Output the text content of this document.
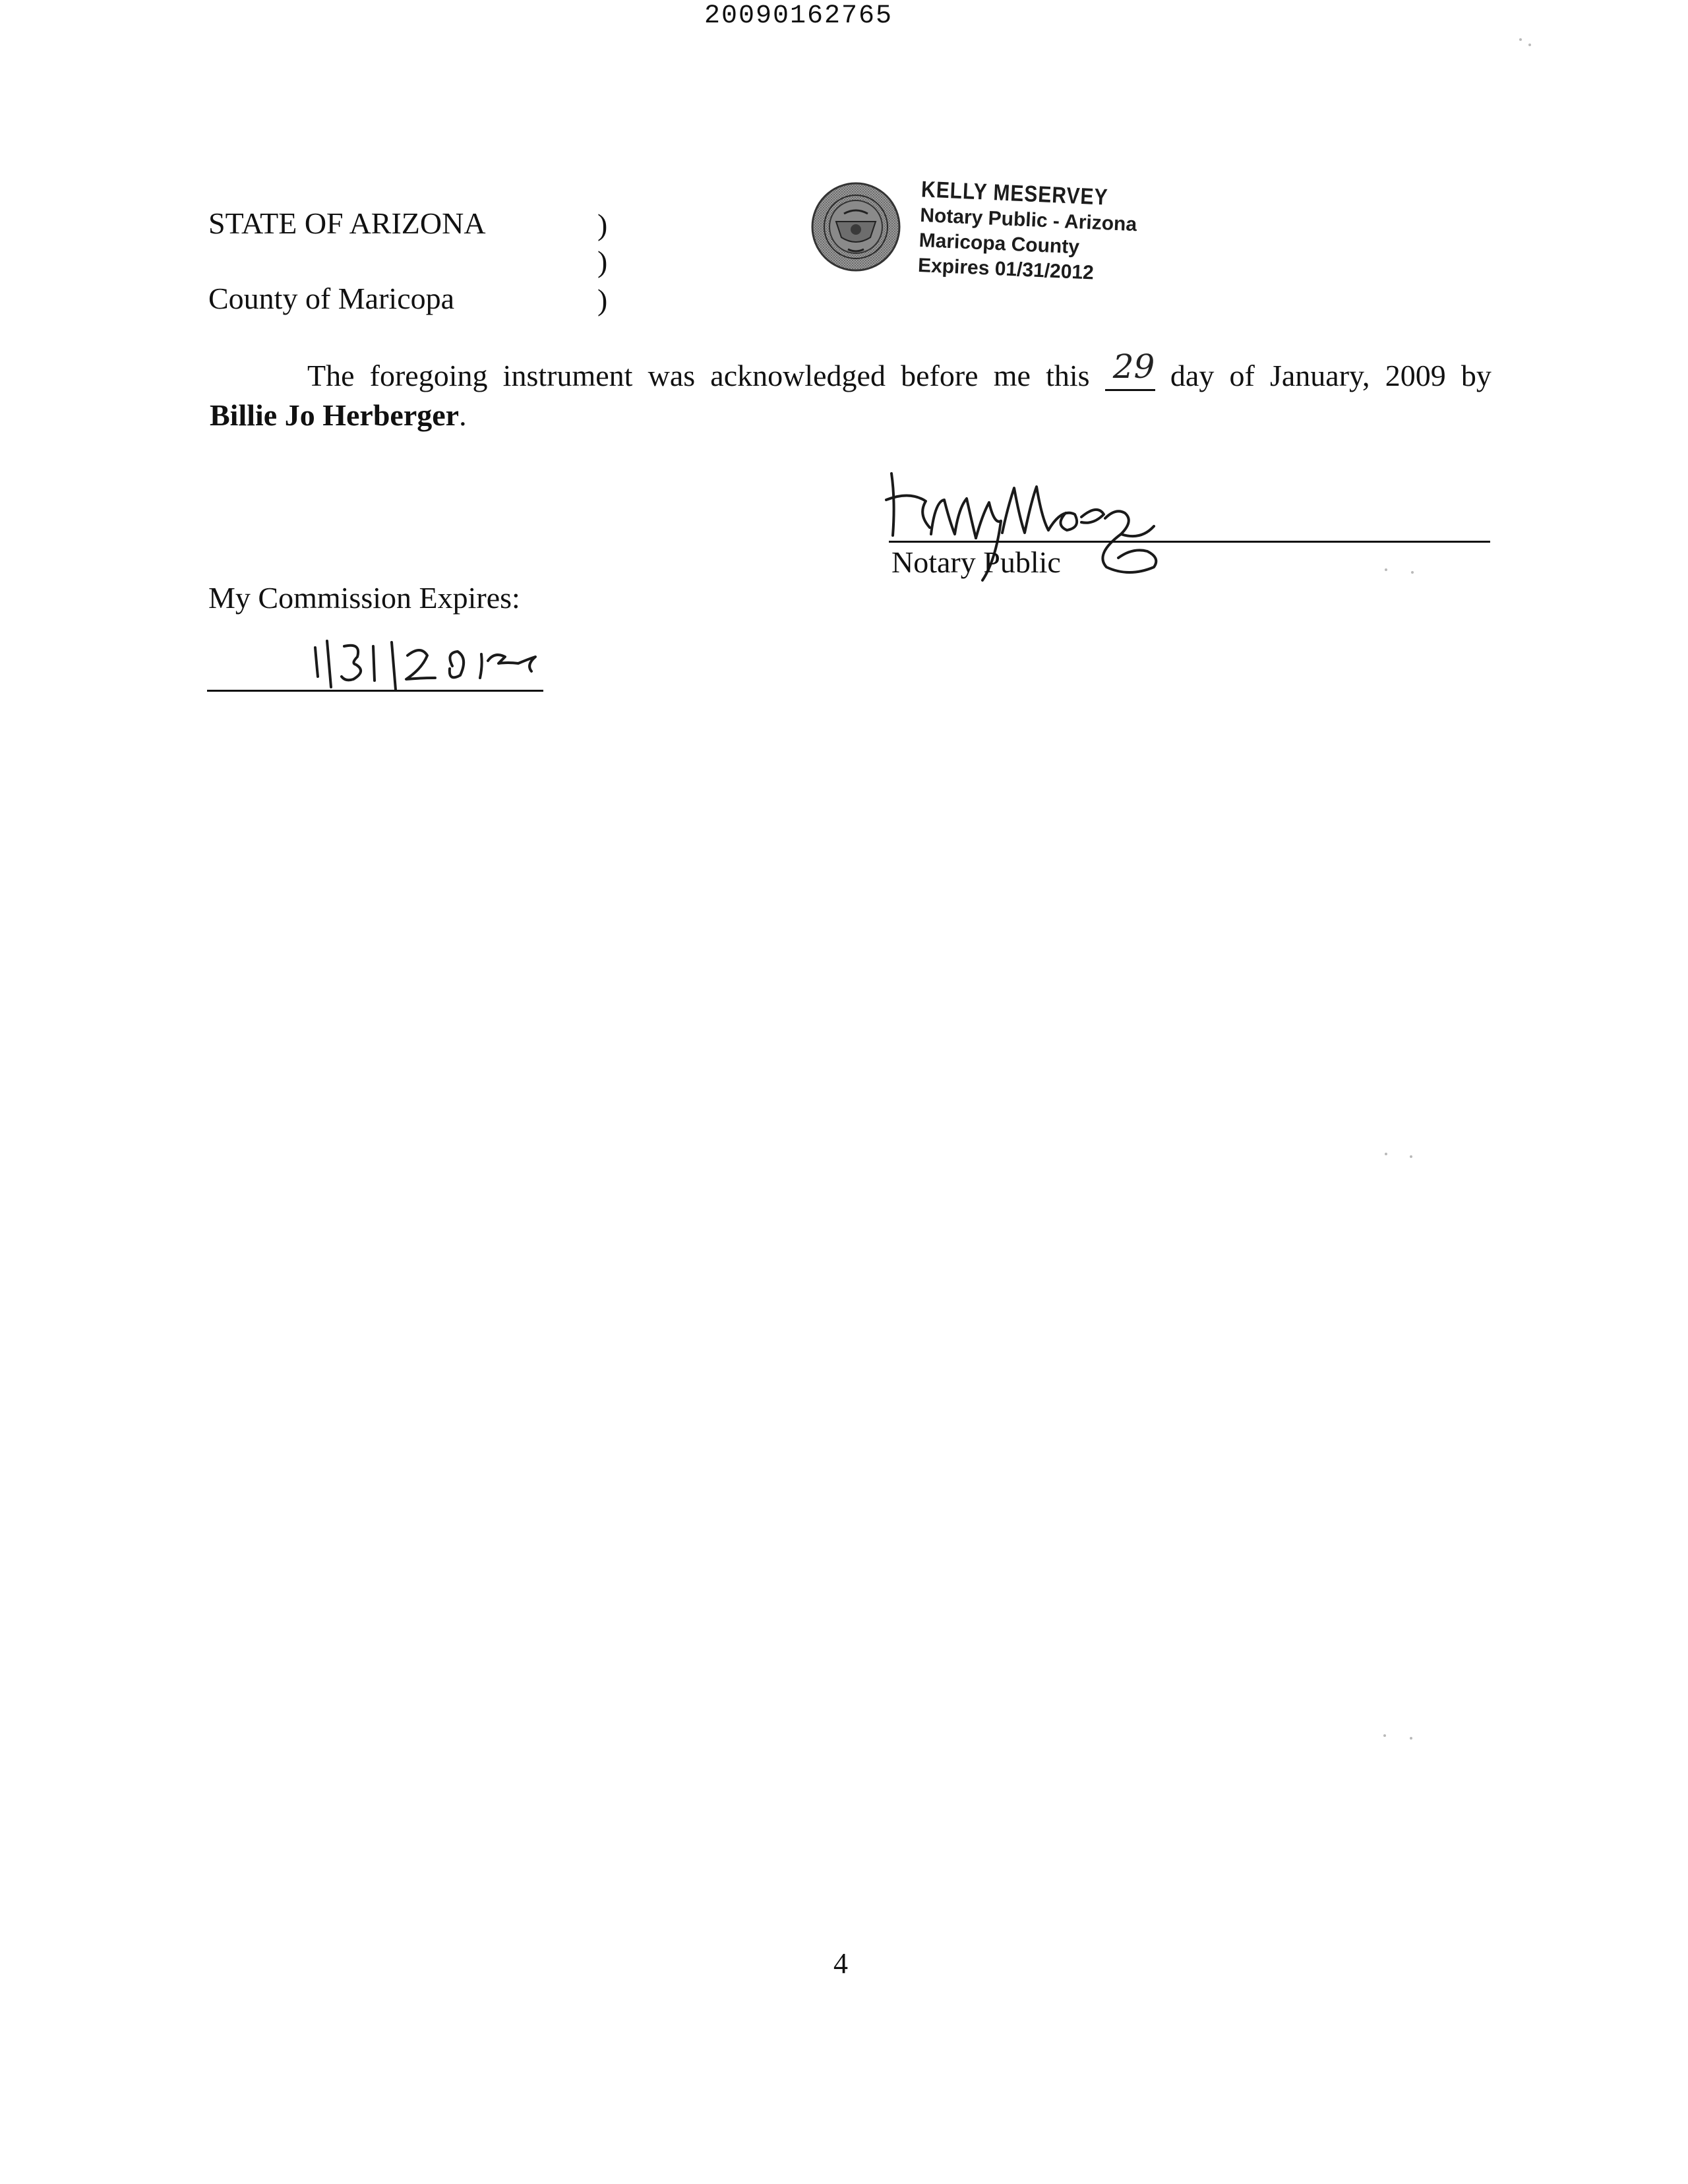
20090162765
STATE OF ARIZONA
County of Maricopa
)
)
)
KELLY MESERVEY
Notary Public - Arizona
Maricopa County
Expires 01/31/2012
The foregoing instrument was acknowledged before me this 29 day of January, 2009 by
Billie Jo Herberger.
Notary Public
My Commission Expires:
4
